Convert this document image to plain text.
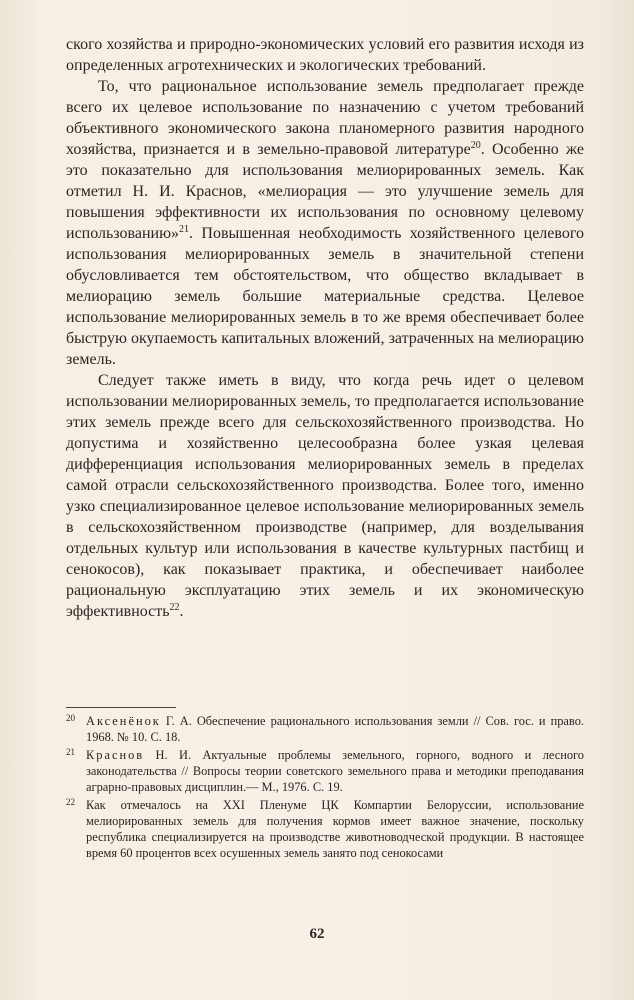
ского хозяйства и природно-экономических условий его развития исходя из определенных агротехнических и экологических требований.

То, что рациональное использование земель предполагает прежде всего их целевое использование по назначению с учетом требований объективного экономического закона планомерного развития народного хозяйства, признается и в земельно-правовой литературе$^{20}$. Особенно же это показательно для использования мелиорированных земель. Как отметил Н. И. Краснов, «мелиорация — это улучшение земель для повышения эффективности их использования по основному целевому использованию»$^{21}$. Повышенная необходимость хозяйственного целевого использования мелиорированных земель в значительной степени обусловливается тем обстоятельством, что общество вкладывает в мелиорацию земель большие материальные средства. Целевое использование мелиорированных земель в то же время обеспечивает более быструю окупаемость капитальных вложений, затраченных на мелиорацию земель.

Следует также иметь в виду, что когда речь идет о целевом использовании мелиорированных земель, то предполагается использование этих земель прежде всего для сельскохозяйственного производства. Но допустима и хозяйственно целесообразна более узкая целевая дифференциация использования мелиорированных земель в пределах самой отрасли сельскохозяйственного производства. Более того, именно узко специализированное целевое использование мелиорированных земель в сельскохозяйственном производстве (например, для возделывания отдельных культур или использования в качестве культурных пастбищ и сенокосов), как показывает практика, и обеспечивает наиболее рациональную эксплуатацию этих земель и их экономическую эффективность$^{22}$.

20 Аксенёнок Г. А. Обеспечение рационального использования земли // Сов. гос. и право. 1968. № 10. С. 18.
21 Краснов Н. И. Актуальные проблемы земельного, горного, водного и лесного законодательства // Вопросы теории советского земельного права и методики преподавания аграрно-правовых дисциплин.— М., 1976. С. 19.
22 Как отмечалось на XXI Пленуме ЦК Компартии Белоруссии, использование мелиорированных земель для получения кормов имеет важное значение, поскольку республика специализируется на производстве животноводческой продукции. В настоящее время 60 процентов всех осушенных земель занято под сенокосами
62
